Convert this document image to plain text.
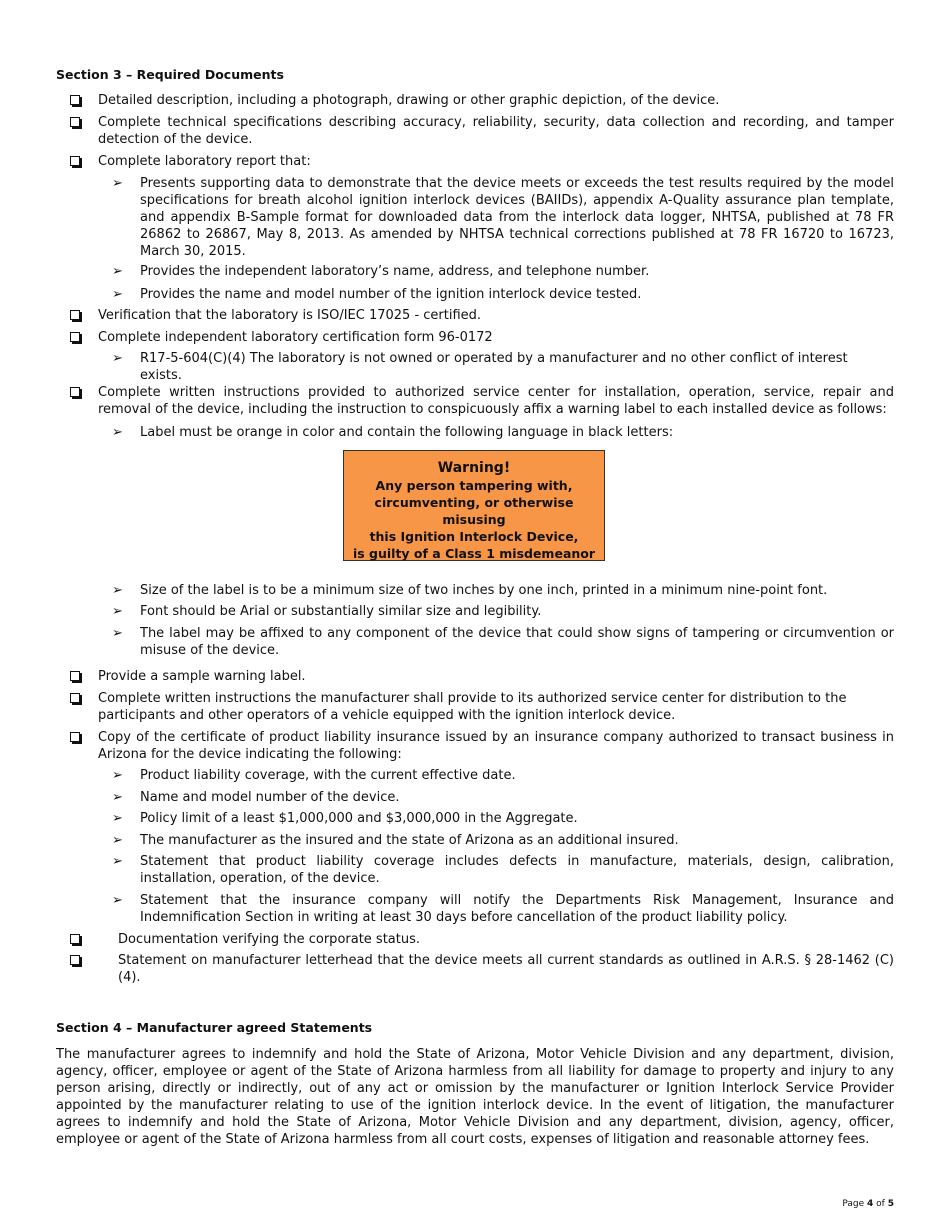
Section 3 – Required Documents
Detailed description, including a photograph, drawing or other graphic depiction, of the device.
Complete technical specifications describing accuracy, reliability, security, data collection and recording, and tamper detection of the device.
Complete laboratory report that:
➢ Presents supporting data to demonstrate that the device meets or exceeds the test results required by the model specifications for breath alcohol ignition interlock devices (BAIIDs), appendix A-Quality assurance plan template, and appendix B-Sample format for downloaded data from the interlock data logger, NHTSA, published at 78 FR 26862 to 26867, May 8, 2013. As amended by NHTSA technical corrections published at 78 FR 16720 to 16723, March 30, 2015.
➢ Provides the independent laboratory’s name, address, and telephone number.
➢ Provides the name and model number of the ignition interlock device tested.
Verification that the laboratory is ISO/IEC 17025 - certified.
Complete independent laboratory certification form 96-0172
➢ R17-5-604(C)(4) The laboratory is not owned or operated by a manufacturer and no other conflict of interest exists.
Complete written instructions provided to authorized service center for installation, operation, service, repair and removal of the device, including the instruction to conspicuously affix a warning label to each installed device as follows:
➢ Label must be orange in color and contain the following language in black letters:
Warning!
Any person tampering with,
circumventing, or otherwise misusing
this Ignition Interlock Device,
is guilty of a Class 1 misdemeanor
➢ Size of the label is to be a minimum size of two inches by one inch, printed in a minimum nine-point font.
➢ Font should be Arial or substantially similar size and legibility.
➢ The label may be affixed to any component of the device that could show signs of tampering or circumvention or misuse of the device.
Provide a sample warning label.
Complete written instructions the manufacturer shall provide to its authorized service center for distribution to the participants and other operators of a vehicle equipped with the ignition interlock device.
Copy of the certificate of product liability insurance issued by an insurance company authorized to transact business in Arizona for the device indicating the following:
➢ Product liability coverage, with the current effective date.
➢ Name and model number of the device.
➢ Policy limit of a least $1,000,000 and $3,000,000 in the Aggregate.
➢ The manufacturer as the insured and the state of Arizona as an additional insured.
➢ Statement that product liability coverage includes defects in manufacture, materials, design, calibration, installation, operation, of the device.
➢ Statement that the insurance company will notify the Departments Risk Management, Insurance and Indemnification Section in writing at least 30 days before cancellation of the product liability policy.
Documentation verifying the corporate status.
Statement on manufacturer letterhead that the device meets all current standards as outlined in A.R.S. § 28-1462 (C)(4).
Section 4 – Manufacturer agreed Statements
The manufacturer agrees to indemnify and hold the State of Arizona, Motor Vehicle Division and any department, division, agency, officer, employee or agent of the State of Arizona harmless from all liability for damage to property and injury to any person arising, directly or indirectly, out of any act or omission by the manufacturer or Ignition Interlock Service Provider appointed by the manufacturer relating to use of the ignition interlock device. In the event of litigation, the manufacturer agrees to indemnify and hold the State of Arizona, Motor Vehicle Division and any department, division, agency, officer, employee or agent of the State of Arizona harmless from all court costs, expenses of litigation and reasonable attorney fees.
Page 4 of 5
